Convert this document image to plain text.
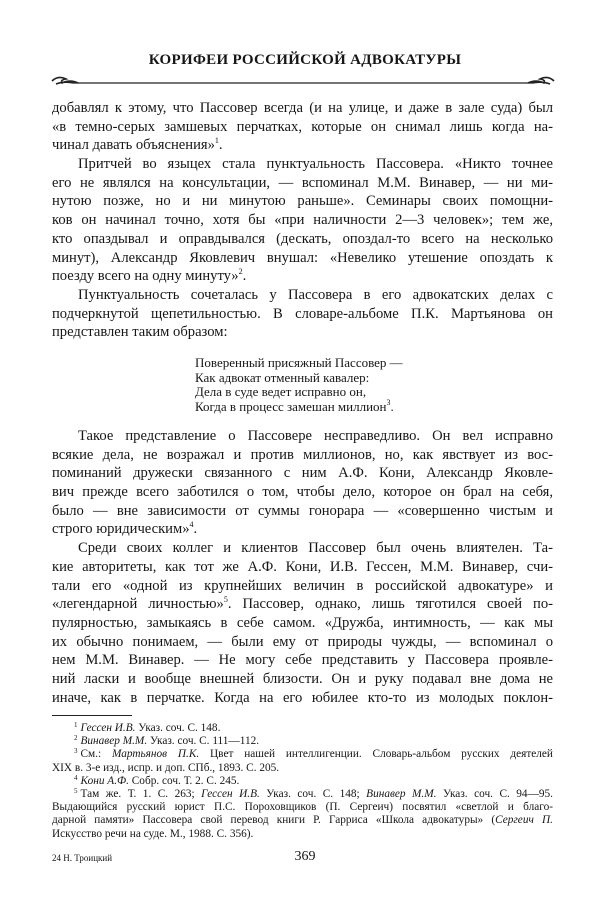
КОРИФЕИ РОССИЙСКОЙ АДВОКАТУРЫ
добавлял к этому, что Пассовер всегда (и на улице, и даже в зале суда) был
«в темно-серых замшевых перчатках, которые он снимал лишь когда на-
чинал давать объяснения»$^1$.
Притчей во языцех стала пунктуальность Пассовера. «Никто точнее
его не являлся на консультации, — вспоминал М.М. Винавер, — ни ми-
нутою позже, но и ни минутою раньше». Семинары своих помощни-
ков он начинал точно, хотя бы «при наличности 2—3 человек»; тем же,
кто опаздывал и оправдывался (дескать, опоздал-то всего на несколько
минут), Александр Яковлевич внушал: «Невелико утешение опоздать к
поезду всего на одну минуту»$^2$.
Пунктуальность сочеталась у Пассовера в его адвокатских делах с
подчеркнутой щепетильностью. В словаре-альбоме П.К. Мартьянова он
представлен таким образом:
Поверенный присяжный Пассовер —
Как адвокат отменный кавалер:
Дела в суде ведет исправно он,
Когда в процесс замешан миллион$^3$.
Такое представление о Пассовере несправедливо. Он вел исправно
всякие дела, не возражал и против миллионов, но, как явствует из вос-
поминаний дружески связанного с ним А.Ф. Кони, Александр Яковле-
вич прежде всего заботился о том, чтобы дело, которое он брал на себя,
было — вне зависимости от суммы гонорара — «совершенно чистым и
строго юридическим»$^4$.
Среди своих коллег и клиентов Пассовер был очень влиятелен. Та-
кие авторитеты, как тот же А.Ф. Кони, И.В. Гессен, М.М. Винавер, счи-
тали его «одной из крупнейших величин в российской адвокатуре» и
«легендарной личностью»$^5$. Пассовер, однако, лишь тяготился своей по-
пулярностью, замыкаясь в себе самом. «Дружба, интимность, — как мы
их обычно понимаем, — были ему от природы чужды, — вспоминал о
нем М.М. Винавер. — Не могу себе представить у Пассовера проявле-
ний ласки и вообще внешней близости. Он и руку подавал вне дома не
иначе, как в перчатке. Когда на его юбилее кто-то из молодых поклон-
$^1$ Гессен И.В. Указ. соч. С. 148.
$^2$ Винавер М.М. Указ. соч. С. 111—112.
$^3$ См.: Мартьянов П.К. Цвет нашей интеллигенции. Словарь-альбом русских деятелей
XIX в. 3-е изд., испр. и доп. СПб., 1893. С. 205.
$^4$ Кони А.Ф. Собр. соч. Т. 2. С. 245.
$^5$ Там же. Т. 1. С. 263; Гессен И.В. Указ. соч. С. 148; Винавер М.М. Указ. соч. С. 94—95.
Выдающийся русский юрист П.С. Пороховщиков (П. Сергеич) посвятил «светлой и благо-
дарной памяти» Пассовера свой перевод книги Р. Гарриса «Школа адвокатуры» (Сергеич П.
Искусство речи на суде. М., 1988. С. 356).
24 Н. Троицкий	369
